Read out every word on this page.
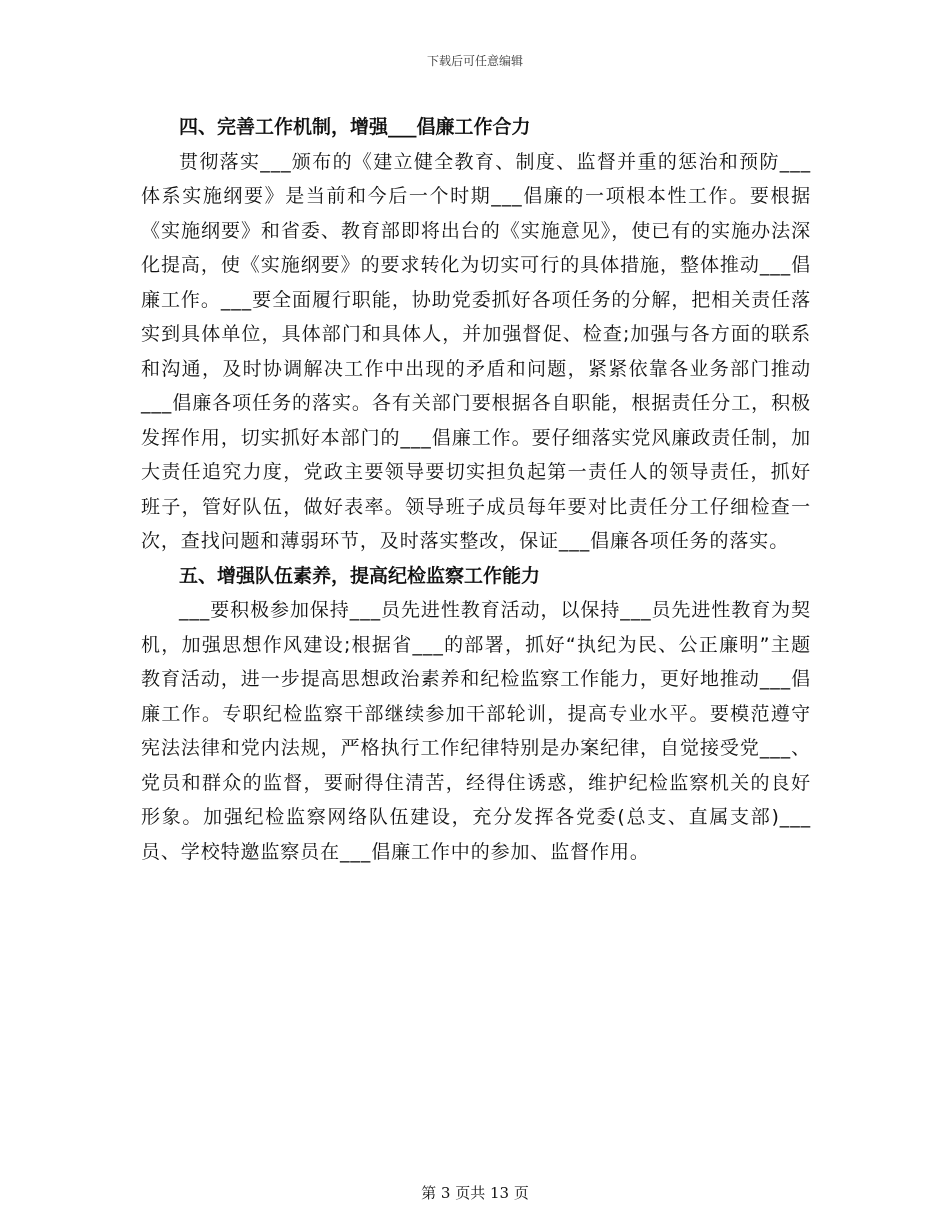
下载后可任意编辑

四、完善工作机制，增强___倡廉工作合力

贯彻落实___颁布的《建立健全教育、制度、监督并重的惩治和预防___体系实施纲要》是当前和今后一个时期___倡廉的一项根本性工作。要根据《实施纲要》和省委、教育部即将出台的《实施意见》，使已有的实施办法深化提高，使《实施纲要》的要求转化为切实可行的具体措施，整体推动___倡廉工作。___要全面履行职能，协助党委抓好各项任务的分解，把相关责任落实到具体单位，具体部门和具体人，并加强督促、检查;加强与各方面的联系和沟通，及时协调解决工作中出现的矛盾和问题，紧紧依靠各业务部门推动___倡廉各项任务的落实。各有关部门要根据各自职能，根据责任分工，积极发挥作用，切实抓好本部门的___倡廉工作。要仔细落实党风廉政责任制，加大责任追究力度，党政主要领导要切实担负起第一责任人的领导责任，抓好班子，管好队伍，做好表率。领导班子成员每年要对比责任分工仔细检查一次，查找问题和薄弱环节，及时落实整改，保证___倡廉各项任务的落实。

五、增强队伍素养，提高纪检监察工作能力

___要积极参加保持___员先进性教育活动，以保持___员先进性教育为契机，加强思想作风建设;根据省___的部署，抓好“执纪为民、公正廉明”主题教育活动，进一步提高思想政治素养和纪检监察工作能力，更好地推动___倡廉工作。专职纪检监察干部继续参加干部轮训，提高专业水平。要模范遵守宪法法律和党内法规，严格执行工作纪律特别是办案纪律，自觉接受党___、党员和群众的监督，要耐得住清苦，经得住诱惑，维护纪检监察机关的良好形象。加强纪检监察网络队伍建设，充分发挥各党委(总支、直属支部)___员、学校特邀监察员在___倡廉工作中的参加、监督作用。

第 3 页共 13 页
